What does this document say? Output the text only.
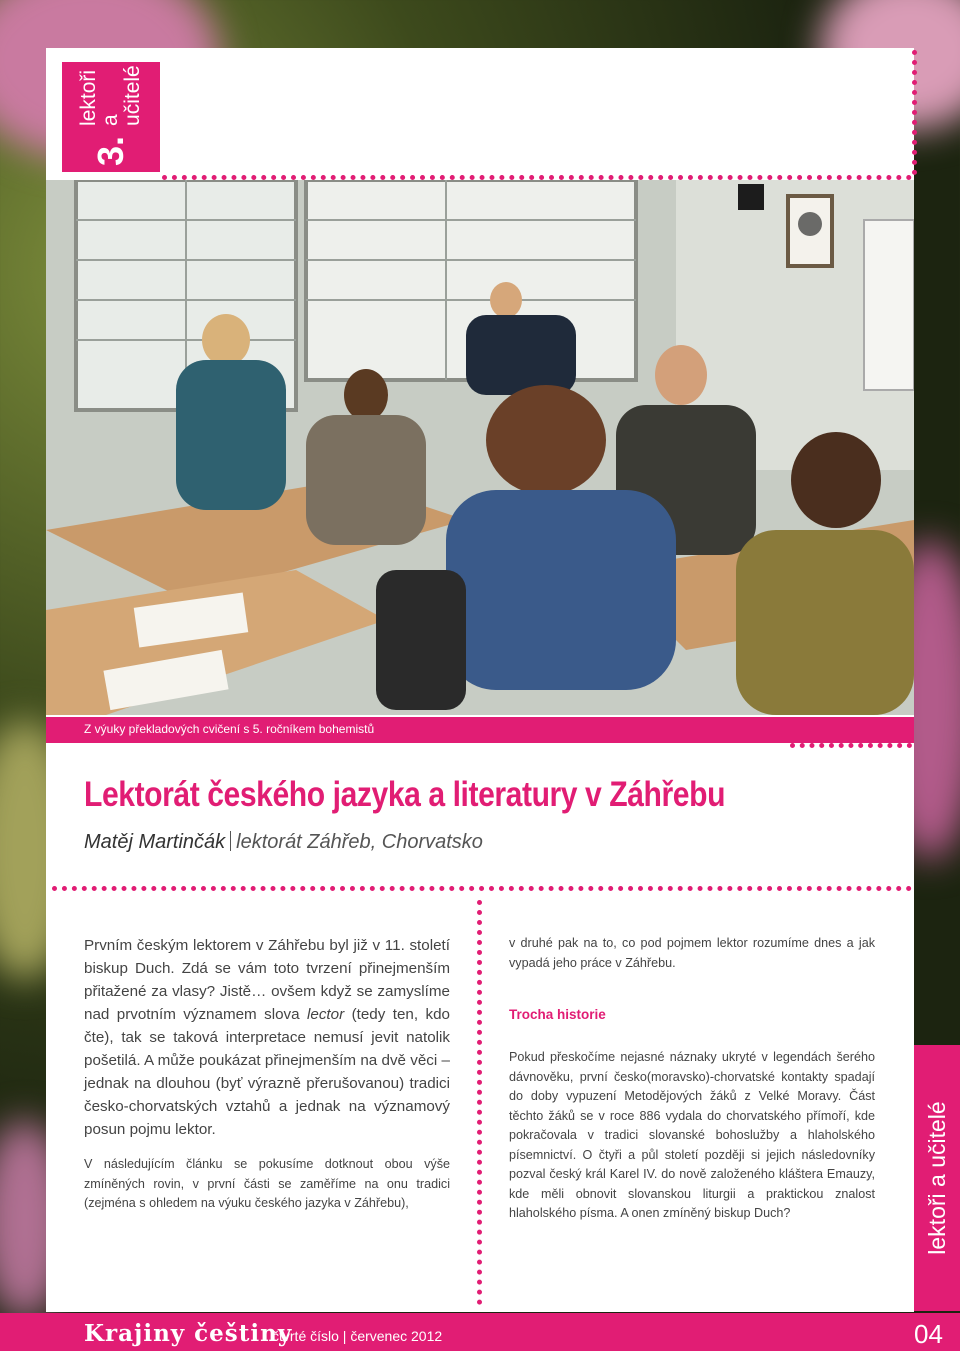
3.
lektoři
a učitelé
Z výuky překladových cvičení s 5. ročníkem bohemistů
Lektorát českého jazyka a literatury v Záhřebu
Matěj Martinčák lektorát Záhřeb, Chorvatsko

Prvním českým lektorem v Záhřebu byl již v 11. století biskup Duch. Zdá se vám toto tvrzení přinejmenším přitažené za vlasy? Jistě… ovšem když se zamyslíme nad prvotním významem slova lector (tedy ten, kdo čte), tak se taková interpretace nemusí jevit natolik pošetilá. A může poukázat přinejmenším na dvě věci – jednak na dlouhou (byť výrazně přerušovanou) tradici česko-chorvatských vztahů a jednak na významový posun pojmu lektor.

V následujícím článku se pokusíme dotknout obou výše zmíněných rovin, v první části se zaměříme na onu tradici (zejména s ohledem na výuku českého jazyka v Záhřebu),

v druhé pak na to, co pod pojmem lektor rozumíme dnes a jak vypadá jeho práce v Záhřebu.

Trocha historie

Pokud přeskočíme nejasné náznaky ukryté v legendách šerého dávnověku, první česko(moravsko)-chorvatské kontakty spadají do doby vypuzení Metodějových žáků z Velké Moravy. Část těchto žáků se v roce 886 vydala do chorvatského přímoří, kde pokračovala v tradici slovanské bohoslužby a hlaholského písemnictví. O čtyři a půl století později si jejich následovníky pozval český král Karel IV. do nově založeného kláštera Emauzy, kde měli obnovit slovanskou liturgii a praktickou znalost hlaholského písma. A onen zmíněný biskup Duch?	lektoři a učitelé
Krajiny češtiny
čtvrté číslo | červenec 2012	04
